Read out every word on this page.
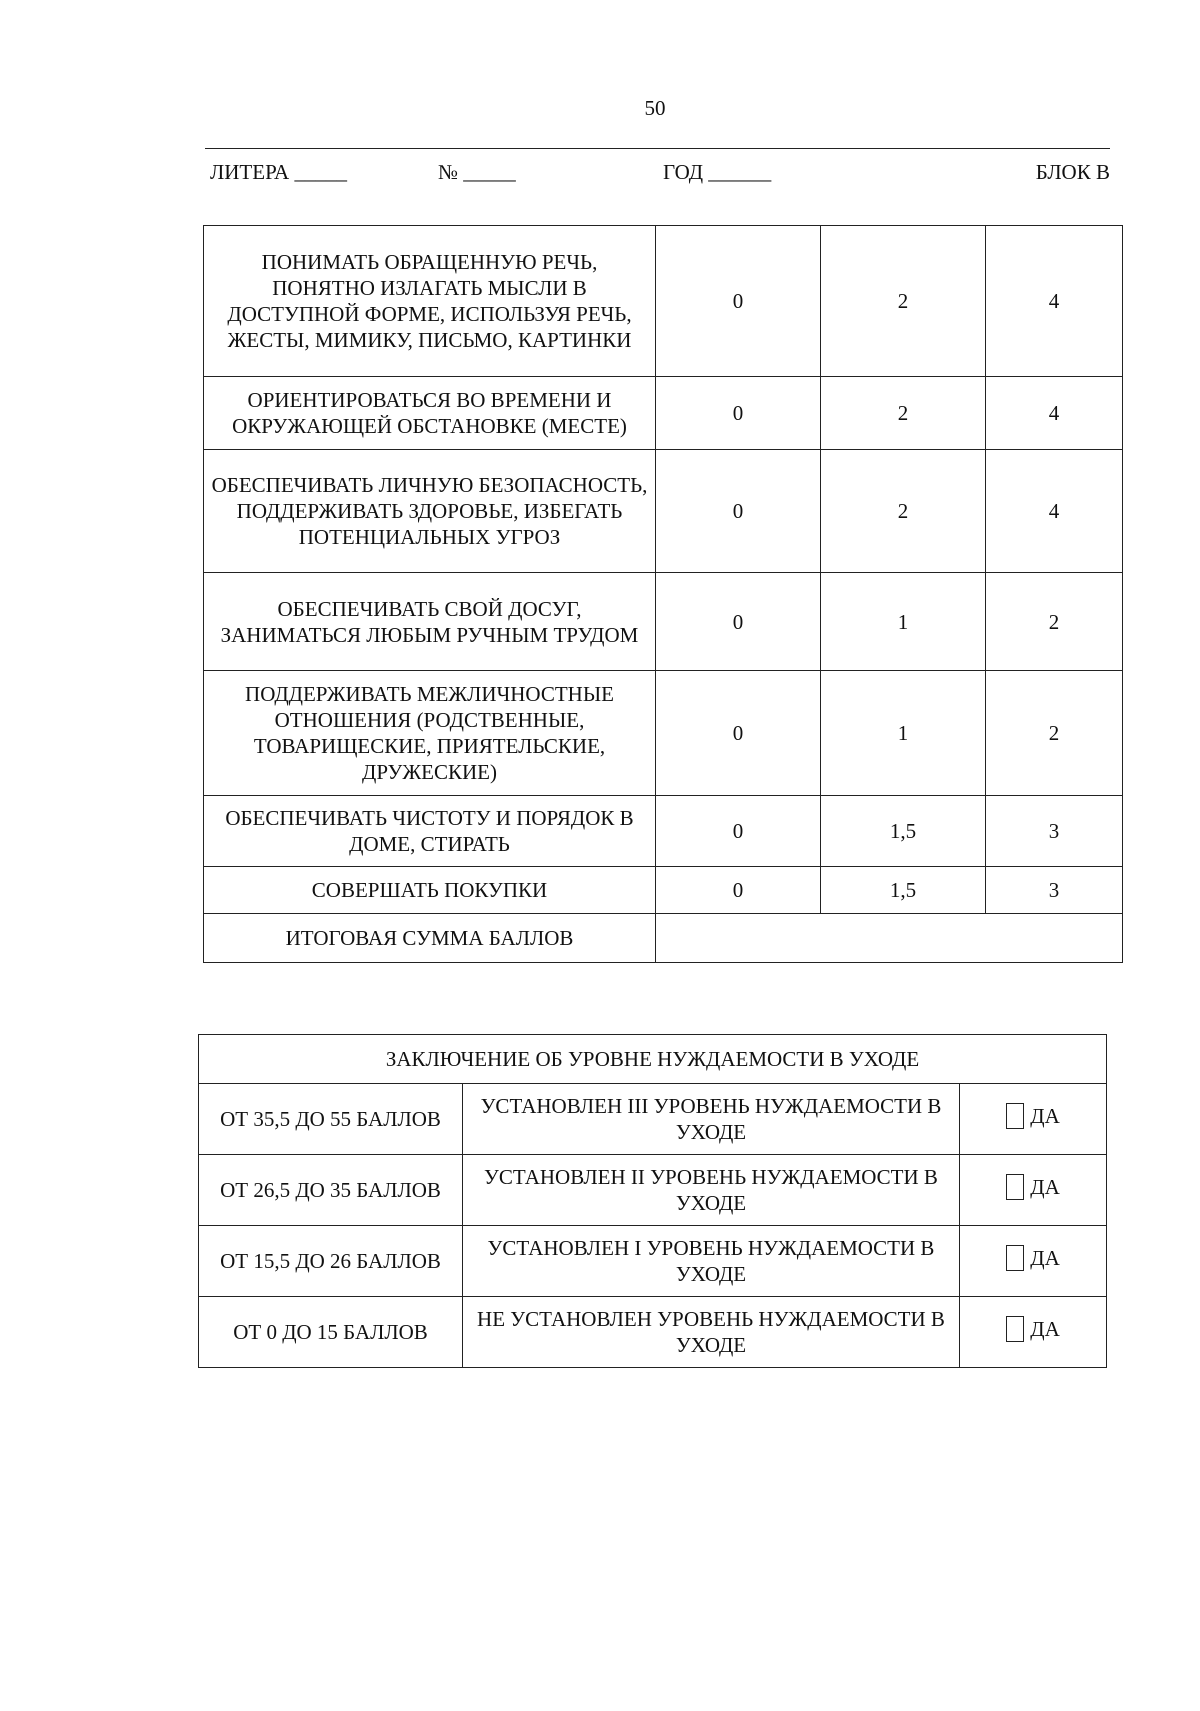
50
ЛИТЕРА _____	№ _____	ГОД ______	БЛОК В
ПОНИМАТЬ ОБРАЩЕННУЮ РЕЧЬ, ПОНЯТНО ИЗЛАГАТЬ МЫСЛИ В ДОСТУПНОЙ ФОРМЕ, ИСПОЛЬЗУЯ РЕЧЬ, ЖЕСТЫ, МИМИКУ, ПИСЬМО, КАРТИНКИ	0	2	4
ОРИЕНТИРОВАТЬСЯ ВО ВРЕМЕНИ И ОКРУЖАЮЩЕЙ ОБСТАНОВКЕ (МЕСТЕ)	0	2	4
ОБЕСПЕЧИВАТЬ ЛИЧНУЮ БЕЗОПАСНОСТЬ, ПОДДЕРЖИВАТЬ ЗДОРОВЬЕ, ИЗБЕГАТЬ ПОТЕНЦИАЛЬНЫХ УГРОЗ	0	2	4
ОБЕСПЕЧИВАТЬ СВОЙ ДОСУГ, ЗАНИМАТЬСЯ ЛЮБЫМ РУЧНЫМ ТРУДОМ	0	1	2
ПОДДЕРЖИВАТЬ МЕЖЛИЧНОСТНЫЕ ОТНОШЕНИЯ (РОДСТВЕННЫЕ, ТОВАРИЩЕСКИЕ, ПРИЯТЕЛЬСКИЕ, ДРУЖЕСКИЕ)	0	1	2
ОБЕСПЕЧИВАТЬ ЧИСТОТУ И ПОРЯДОК В ДОМЕ, СТИРАТЬ	0	1,5	3
СОВЕРШАТЬ ПОКУПКИ	0	1,5	3
ИТОГОВАЯ СУММА БАЛЛОВ			
ЗАКЛЮЧЕНИЕ ОБ УРОВНЕ НУЖДАЕМОСТИ В УХОДЕ		
ОТ 35,5 ДО 55 БАЛЛОВ	УСТАНОВЛЕН III УРОВЕНЬ НУЖДАЕМОСТИ В УХОДЕ	ДА

ОТ 26,5 ДО 35 БАЛЛОВ	УСТАНОВЛЕН II УРОВЕНЬ НУЖДАЕМОСТИ В УХОДЕ	ДА

ОТ 15,5 ДО 26 БАЛЛОВ	УСТАНОВЛЕН I УРОВЕНЬ НУЖДАЕМОСТИ В УХОДЕ	ДА

ОТ 0 ДО 15 БАЛЛОВ	НЕ УСТАНОВЛЕН УРОВЕНЬ НУЖДАЕМОСТИ В УХОДЕ	ДА
